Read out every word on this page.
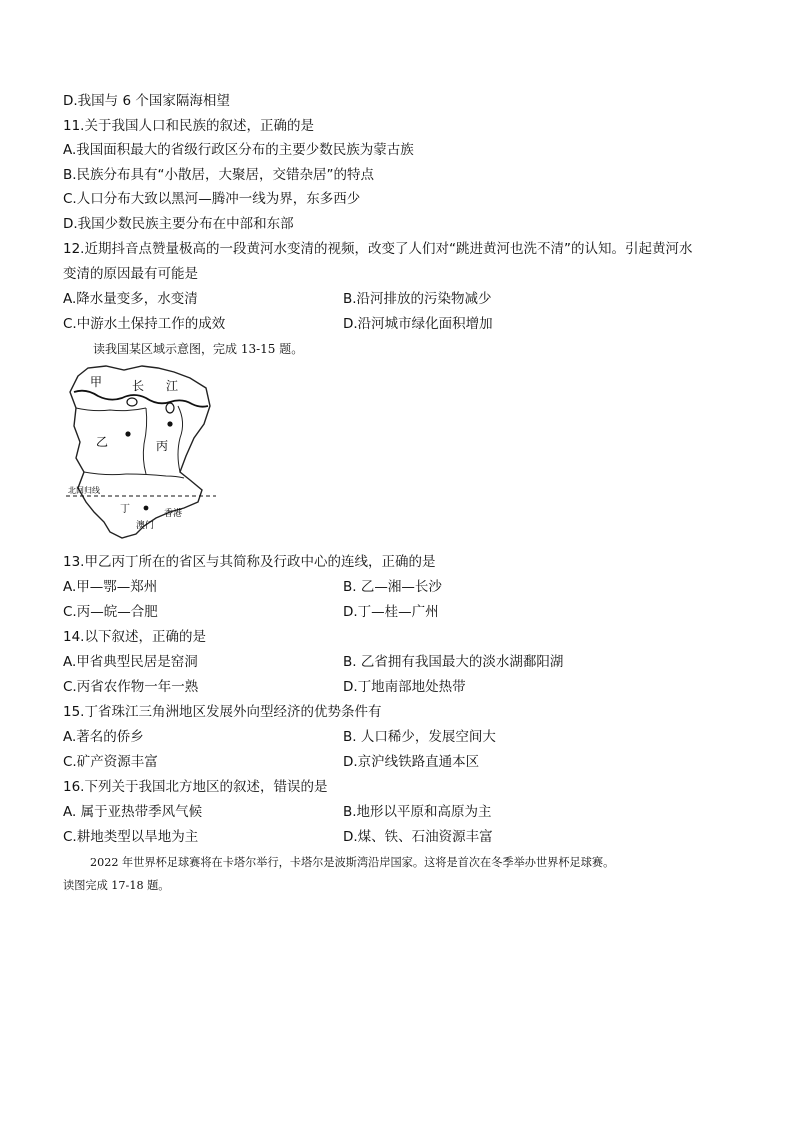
D.我国与 6 个国家隔海相望
11.关于我国人口和民族的叙述，正确的是
A.我国面积最大的省级行政区分布的主要少数民族为蒙古族
B.民族分布具有“小散居，大聚居，交错杂居”的特点
C.人口分布大致以黑河—腾冲一线为界，东多西少
D.我国少数民族主要分布在中部和东部
12.近期抖音点赞量极高的一段黄河水变清的视频，改变了人们对“跳进黄河也洗不清”的认知。引起黄河水
变清的原因最有可能是
A.降水量变多，水变清	B.沿河排放的污染物减少
C.中游水土保持工作的成效	D.沿河城市绿化面积增加
读我国某区域示意图，完成 13-15 题。
甲 长 江
乙	丙
丁
北回归线
香港
澳门
13.甲乙丙丁所在的省区与其简称及行政中心的连线，正确的是
A.甲—鄂—郑州	B. 乙—湘—长沙
C.丙—皖—合肥	D.丁—桂—广州
14.以下叙述，正确的是
A.甲省典型民居是窑洞	B. 乙省拥有我国最大的淡水湖鄱阳湖
C.丙省农作物一年一熟	D.丁地南部地处热带
15.丁省珠江三角洲地区发展外向型经济的优势条件有
A.著名的侨乡	B. 人口稀少，发展空间大
C.矿产资源丰富	D.京沪线铁路直通本区
16.下列关于我国北方地区的叙述，错误的是
A. 属于亚热带季风气候	B.地形以平原和高原为主
C.耕地类型以旱地为主	D.煤、铁、石油资源丰富
2022 年世界杯足球赛将在卡塔尔举行，卡塔尔是波斯湾沿岸国家。这将是首次在冬季举办世界杯足球赛。
读图完成 17-18 题。
